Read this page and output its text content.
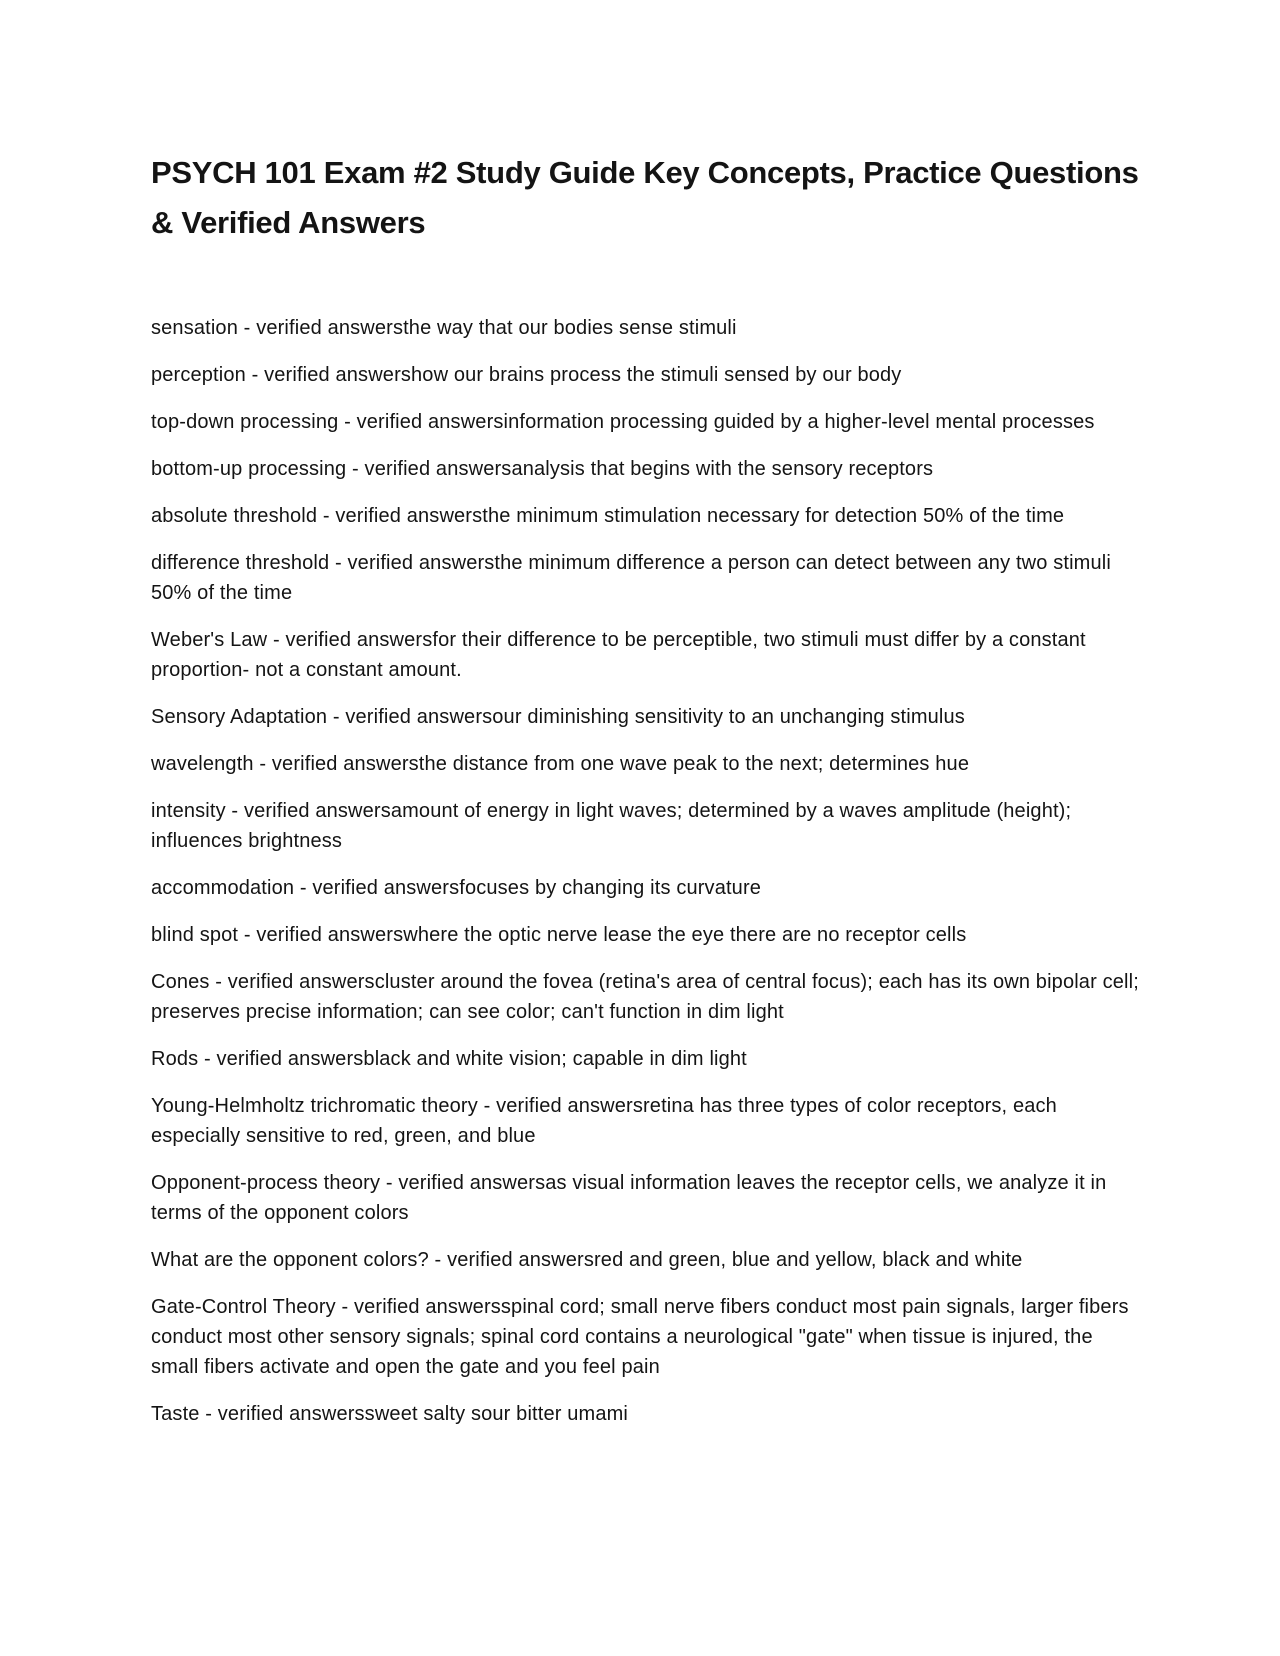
PSYCH 101 Exam #2 Study Guide Key Concepts, Practice Questions & Verified Answers

sensation - verified answersthe way that our bodies sense stimuli

perception - verified answershow our brains process the stimuli sensed by our body

top-down processing - verified answersinformation processing guided by a higher-level mental processes

bottom-up processing - verified answersanalysis that begins with the sensory receptors

absolute threshold - verified answersthe minimum stimulation necessary for detection 50% of the time

difference threshold - verified answersthe minimum difference a person can detect between any two stimuli 50% of the time

Weber's Law - verified answersfor their difference to be perceptible, two stimuli must differ by a constant proportion- not a constant amount.

Sensory Adaptation - verified answersour diminishing sensitivity to an unchanging stimulus

wavelength - verified answersthe distance from one wave peak to the next; determines hue

intensity - verified answersamount of energy in light waves; determined by a waves amplitude (height); influences brightness

accommodation - verified answersfocuses by changing its curvature

blind spot - verified answerswhere the optic nerve lease the eye there are no receptor cells

Cones - verified answerscluster around the fovea (retina's area of central focus); each has its own bipolar cell; preserves precise information; can see color; can't function in dim light

Rods - verified answersblack and white vision; capable in dim light

Young-Helmholtz trichromatic theory - verified answersretina has three types of color receptors, each especially sensitive to red, green, and blue

Opponent-process theory - verified answersas visual information leaves the receptor cells, we analyze it in terms of the opponent colors

What are the opponent colors? - verified answersred and green, blue and yellow, black and white

Gate-Control Theory - verified answersspinal cord; small nerve fibers conduct most pain signals, larger fibers conduct most other sensory signals; spinal cord contains a neurological "gate" when tissue is injured, the small fibers activate and open the gate and you feel pain

Taste - verified answerssweet salty sour bitter umami
